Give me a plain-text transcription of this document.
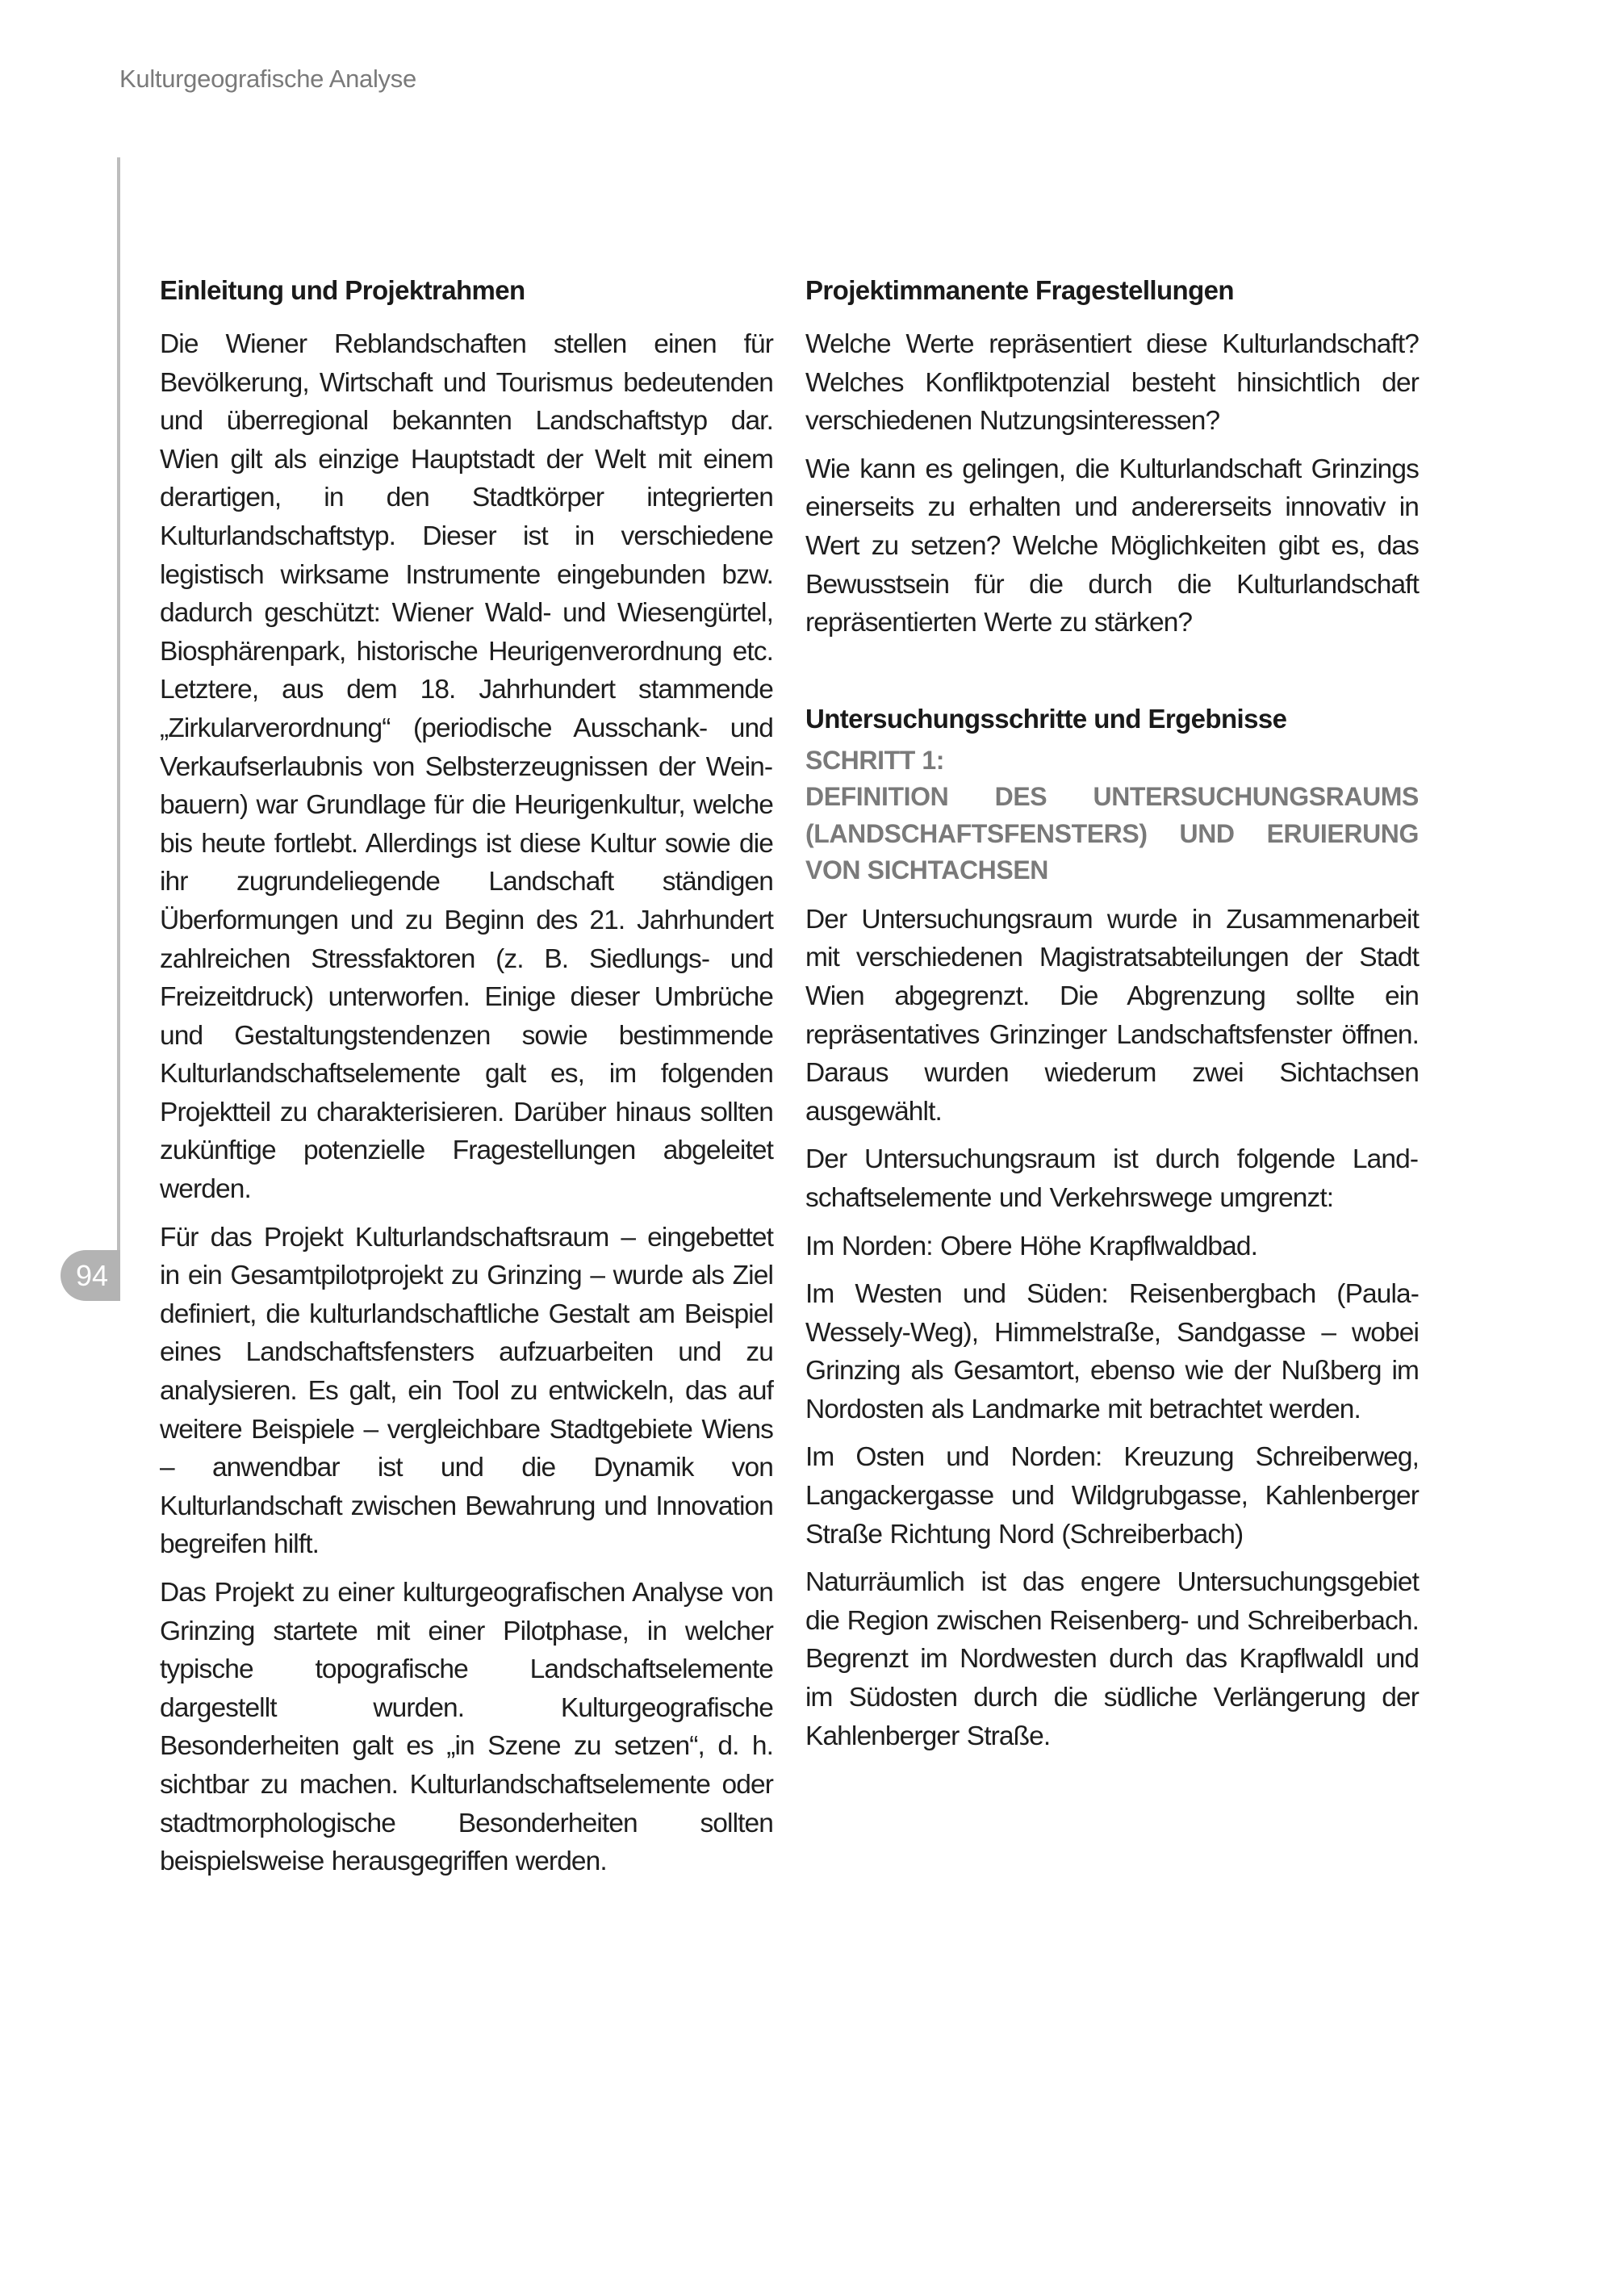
Kulturgeografische Analyse
94
Einleitung und Projektrahmen

Die Wiener Reblandschaften stellen einen für Bevölkerung, Wirtschaft und Tourismus bedeutenden und überregional bekannten Landschaftstyp dar. Wien gilt als einzige Hauptstadt der Welt mit einem derartigen, in den Stadtkörper integrierten Kulturlandschaftstyp. Dieser ist in verschiedene legistisch wirksame Instrumente eingebunden bzw. dadurch geschützt: Wiener Wald- und Wiesengürtel, Biosphärenpark, historische Heurigenverordnung etc. Letztere, aus dem 18. Jahrhundert stammende „Zirkularverordnung“ (periodische Ausschank- und Verkaufserlaubnis von Selbsterzeugnissen der Weinbauern) war Grundlage für die Heurigenkultur, welche bis heute fortlebt. Allerdings ist diese Kultur sowie die ihr zugrundeliegende Landschaft ständigen Überformungen und zu Beginn des 21. Jahrhundert zahlreichen Stressfaktoren (z. B. Siedlungs- und Freizeitdruck) unterworfen. Einige dieser Umbrüche und Gestaltungstendenzen sowie bestimmende Kulturlandschaftselemente galt es, im folgenden Projektteil zu charakterisieren. Darüber hinaus sollten zukünftige potenzielle Fragestellungen abgeleitet werden.

Für das Projekt Kulturlandschaftsraum – eingebettet in ein Gesamtpilotprojekt zu Grinzing – wurde als Ziel definiert, die kulturlandschaftliche Gestalt am Beispiel eines Landschaftsfensters aufzuarbeiten und zu analysieren. Es galt, ein Tool zu entwickeln, das auf weitere Beispiele – vergleichbare Stadtgebiete Wiens – anwendbar ist und die Dynamik von Kulturlandschaft zwischen Bewahrung und Innovation begreifen hilft.

Das Projekt zu einer kulturgeografischen Analyse von Grinzing startete mit einer Pilotphase, in welcher typische topografische Landschaftselemente dargestellt wurden. Kulturgeografische Besonderheiten galt es „in Szene zu setzen“, d. h. sichtbar zu machen. Kulturlandschaftselemente oder stadtmorphologische Besonderheiten sollten beispielsweise herausgegriffen werden.

Projektimmanente Fragestellungen

Welche Werte repräsentiert diese Kulturlandschaft? Welches Konfliktpotenzial besteht hinsichtlich der verschiedenen Nutzungsinteressen?

Wie kann es gelingen, die Kulturlandschaft Grinzings einerseits zu erhalten und andererseits innovativ in Wert zu setzen? Welche Möglichkeiten gibt es, das Bewusstsein für die durch die Kulturlandschaft repräsentierten Werte zu stärken?

Untersuchungsschritte und Ergebnisse
SCHRITT 1:
DEFINITION DES UNTERSUCHUNGSRAUMS
(LANDSCHAFTSFENSTERS) UND ERUIERUNG
VON SICHTACHSEN

Der Untersuchungsraum wurde in Zusammenarbeit mit verschiedenen Magistratsabteilungen der Stadt Wien abgegrenzt. Die Abgrenzung sollte ein repräsentatives Grinzinger Landschaftsfenster öffnen. Daraus wurden wiederum zwei Sichtachsen ausgewählt.

Der Untersuchungsraum ist durch folgende Landschaftselemente und Verkehrswege umgrenzt:

Im Norden: Obere Höhe Krapflwaldbad.

Im Westen und Süden: Reisenbergbach (Paula-Wessely-Weg), Himmelstraße, Sandgasse – wobei Grinzing als Gesamtort, ebenso wie der Nußberg im Nordosten als Landmarke mit betrachtet werden.

Im Osten und Norden: Kreuzung Schreiberweg, Langackergasse und Wildgrubgasse, Kahlenberger Straße Richtung Nord (Schreiberbach)

Naturräumlich ist das engere Untersuchungsgebiet die Region zwischen Reisenberg- und Schreiberbach. Begrenzt im Nordwesten durch das Krapflwaldl und im Südosten durch die südliche Verlängerung der Kahlenberger Straße.
